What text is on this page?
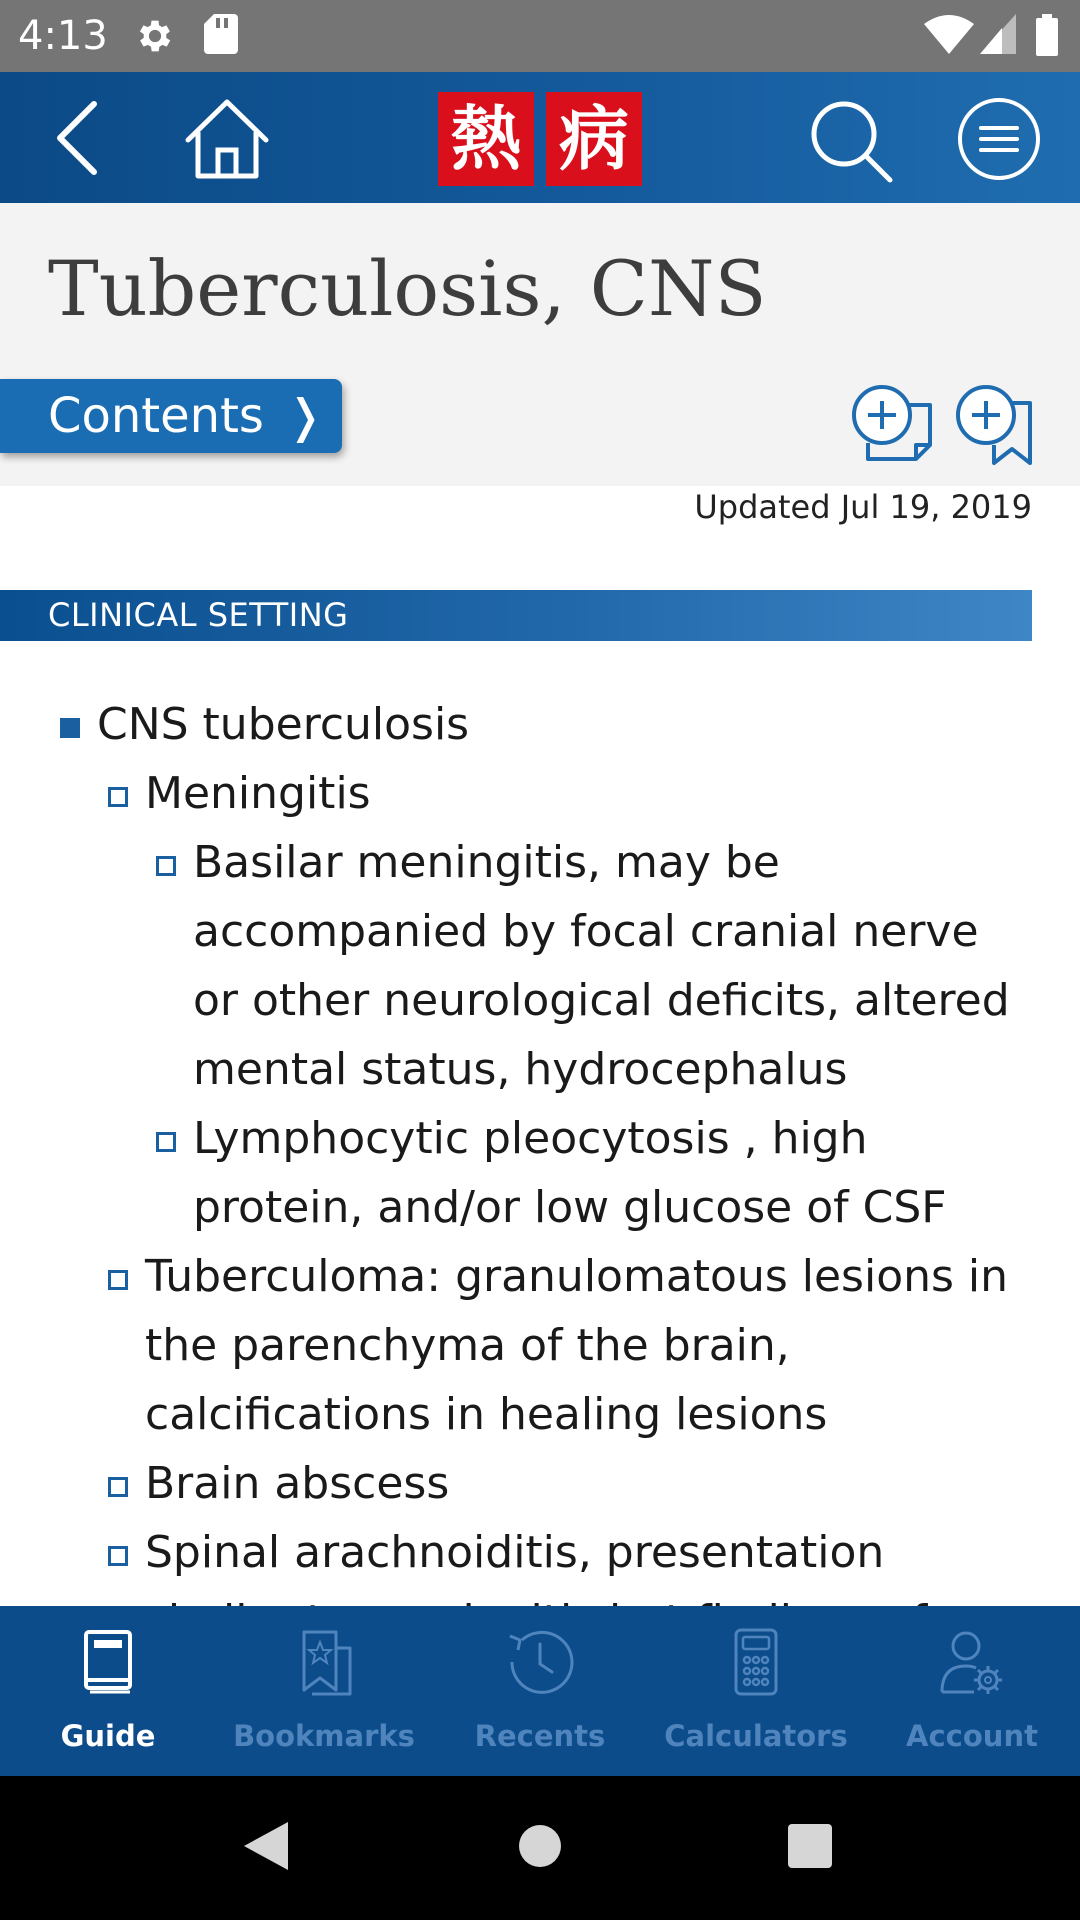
4:13
熱 病
Tuberculosis, CNS
Contents ❭
Updated Jul 19, 2019
CLINICAL SETTING
CNS tuberculosis
Meningitis
Basilar meningitis, may be
accompanied by focal cranial nerve
or other neurological deficits, altered
mental status, hydrocephalus
Lymphocytic pleocytosis , high
protein, and/or low glucose of CSF
Tuberculoma: granulomatous lesions in
the parenchyma of the brain,
calcifications in healing lesions
Brain abscess
Spinal arachnoiditis, presentation
Guide	Bookmarks	Recents	Calculators	Account
